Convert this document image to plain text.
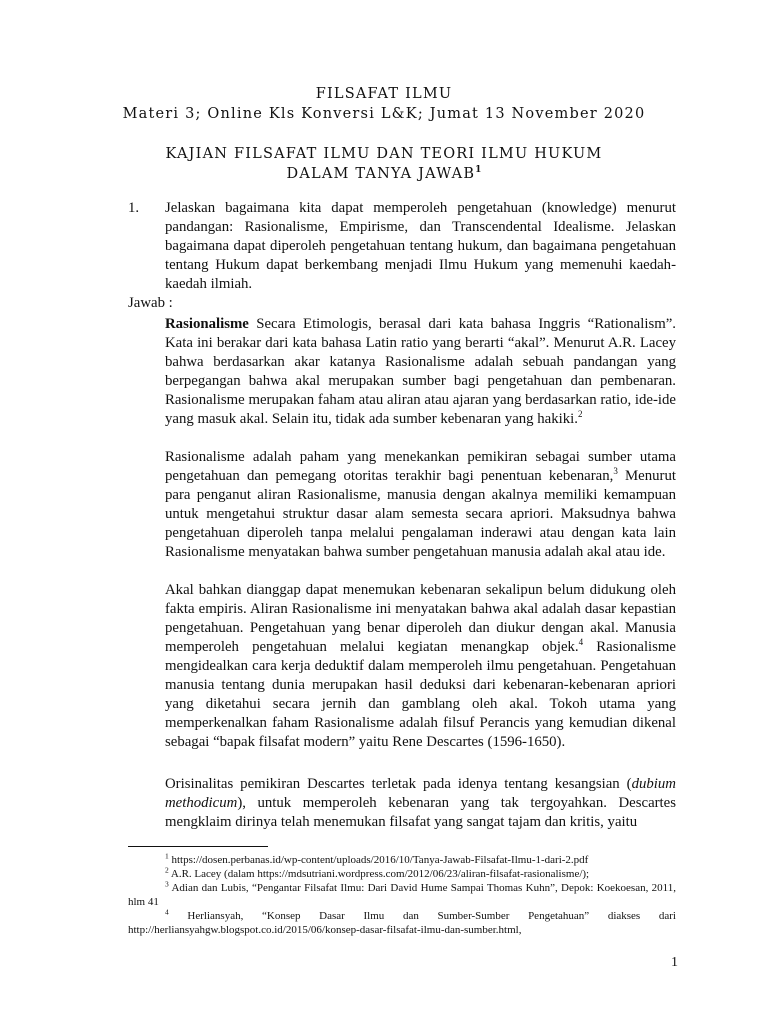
FILSAFAT ILMU
Materi 3; Online Kls Konversi L&K; Jumat 13 November 2020
KAJIAN FILSAFAT ILMU DAN TEORI ILMU HUKUM
DALAM TANYA JAWAB$^1$
1. Jelaskan bagaimana kita dapat memperoleh pengetahuan (knowledge) menurut pandangan: Rasionalisme, Empirisme, dan Transcendental Idealisme. Jelaskan bagaimana dapat diperoleh pengetahuan tentang hukum, dan bagaimana pengetahuan tentang Hukum dapat berkembang menjadi Ilmu Hukum yang memenuhi kaedah-kaedah ilmiah.
Jawab :
Rasionalisme Secara Etimologis, berasal dari kata bahasa Inggris “Rationalism”. Kata ini berakar dari kata bahasa Latin ratio yang berarti “akal”. Menurut A.R. Lacey bahwa berdasarkan akar katanya Rasionalisme adalah sebuah pandangan yang berpegangan bahwa akal merupakan sumber bagi pengetahuan dan pembenaran. Rasionalisme merupakan faham atau aliran atau ajaran yang berdasarkan ratio, ide-ide yang masuk akal. Selain itu, tidak ada sumber kebenaran yang hakiki.$^2$
Rasionalisme adalah paham yang menekankan pemikiran sebagai sumber utama pengetahuan dan pemegang otoritas terakhir bagi penentuan kebenaran,$^3$ Menurut para penganut aliran Rasionalisme, manusia dengan akalnya memiliki kemampuan untuk mengetahui struktur dasar alam semesta secara apriori. Maksudnya bahwa pengetahuan diperoleh tanpa melalui pengalaman inderawi atau dengan kata lain Rasionalisme menyatakan bahwa sumber pengetahuan manusia adalah akal atau ide.
Akal bahkan dianggap dapat menemukan kebenaran sekalipun belum didukung oleh fakta empiris. Aliran Rasionalisme ini menyatakan bahwa akal adalah dasar kepastian pengetahuan. Pengetahuan yang benar diperoleh dan diukur dengan akal. Manusia memperoleh pengetahuan melalui kegiatan menangkap objek.$^4$ Rasionalisme mengidealkan cara kerja deduktif dalam memperoleh ilmu pengetahuan. Pengetahuan manusia tentang dunia merupakan hasil deduksi dari kebenaran-kebenaran apriori yang diketahui secara jernih dan gamblang oleh akal. Tokoh utama yang memperkenalkan faham Rasionalisme adalah filsuf Perancis yang kemudian dikenal sebagai “bapak filsafat modern” yaitu Rene Descartes (1596-1650).
Orisinalitas pemikiran Descartes terletak pada idenya tentang kesangsian (dubium methodicum), untuk memperoleh kebenaran yang tak tergoyahkan. Descartes mengklaim dirinya telah menemukan filsafat yang sangat tajam dan kritis, yaitu
$^1$ https://dosen.perbanas.id/wp-content/uploads/2016/10/Tanya-Jawab-Filsafat-Ilmu-1-dari-2.pdf
$^2$ A.R. Lacey (dalam https://mdsutriani.wordpress.com/2012/06/23/aliran-filsafat-rasionalisme/);
$^3$ Adian dan Lubis, “Pengantar Filsafat Ilmu: Dari David Hume Sampai Thomas Kuhn”, Depok: Koekoesan, 2011, hlm 41
$^4$ Herliansyah, “Konsep Dasar Ilmu dan Sumber-Sumber Pengetahuan” diakses dari http://herliansyahgw.blogspot.co.id/2015/06/konsep-dasar-filsafat-ilmu-dan-sumber.html,
1
